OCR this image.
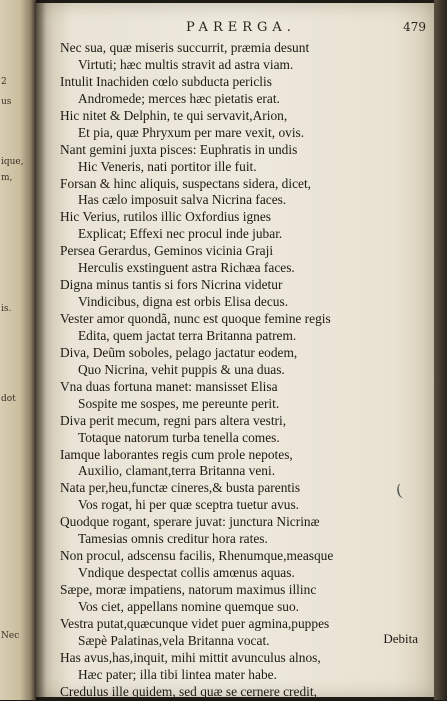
2
us
ique,
m,
is.
dot
Nec
PARERGA.	479
Nec sua, quæ miseris succurrit, præmia desunt
Virtuti; hæc multis stravit ad astra viam.
Intulit Inachiden cœlo subducta periclis
Andromede; merces hæc pietatis erat.
Hic nitet & Delphin, te qui servavit,Arion,
Et pia, quæ Phryxum per mare vexit, ovis.
Nant gemini juxta pisces: Euphratis in undis
Hic Veneris, nati portitor ille fuit.
Forsan & hinc aliquis, suspectans sidera, dicet,
Has cælo imposuit salva Nicrina faces.
Hic Verius, rutilos illic Oxfordius ignes
Explicat; Effexi nec procul inde jubar.
Persea Gerardus, Geminos vicinia Graji
Herculis exstinguent astra Richæa faces.
Digna minus tantis si fors Nicrina videtur
Vindicibus, digna est orbis Elisa decus.
Vester amor quondã, nunc est quoque femine regis
Edita, quem jactat terra Britanna patrem.
Diva, Deũm soboles, pelago jactatur eodem,
Quo Nicrina, vehit puppis & una duas.
Vna duas fortuna manet: mansisset Elisa
Sospite me sospes, me pereunte perit.
Diva perit mecum, regni pars altera vestri,
Totaque natorum turba tenella comes.
Iamque laborantes regis cum prole nepotes,
Auxilio, clamant,terra Britanna veni.
Nata per,heu,functæ cineres,& busta parentis
Vos rogat, hi per quæ sceptra tuetur avus.
Quodque rogant, sperare juvat: junctura Nicrinæ
Tamesias omnis creditur hora rates.
Non procul, adscensu facilis, Rhenumque,measque
Vndique despectat collis amœnus aquas.
Sæpe, moræ impatiens, natorum maximus illinc
Vos ciet, appellans nomine quemque suo.
Vestra putat,quæcunque videt puer agmina,puppes
Sæpè Palatinas,vela Britanna vocat.
Has avus,has,inquit, mihi mittit avunculus alnos,
Hæc pater; illa tibi lintea mater habe.
Credulus ille quidem, sed quæ se cernere credit,
(
Debita
